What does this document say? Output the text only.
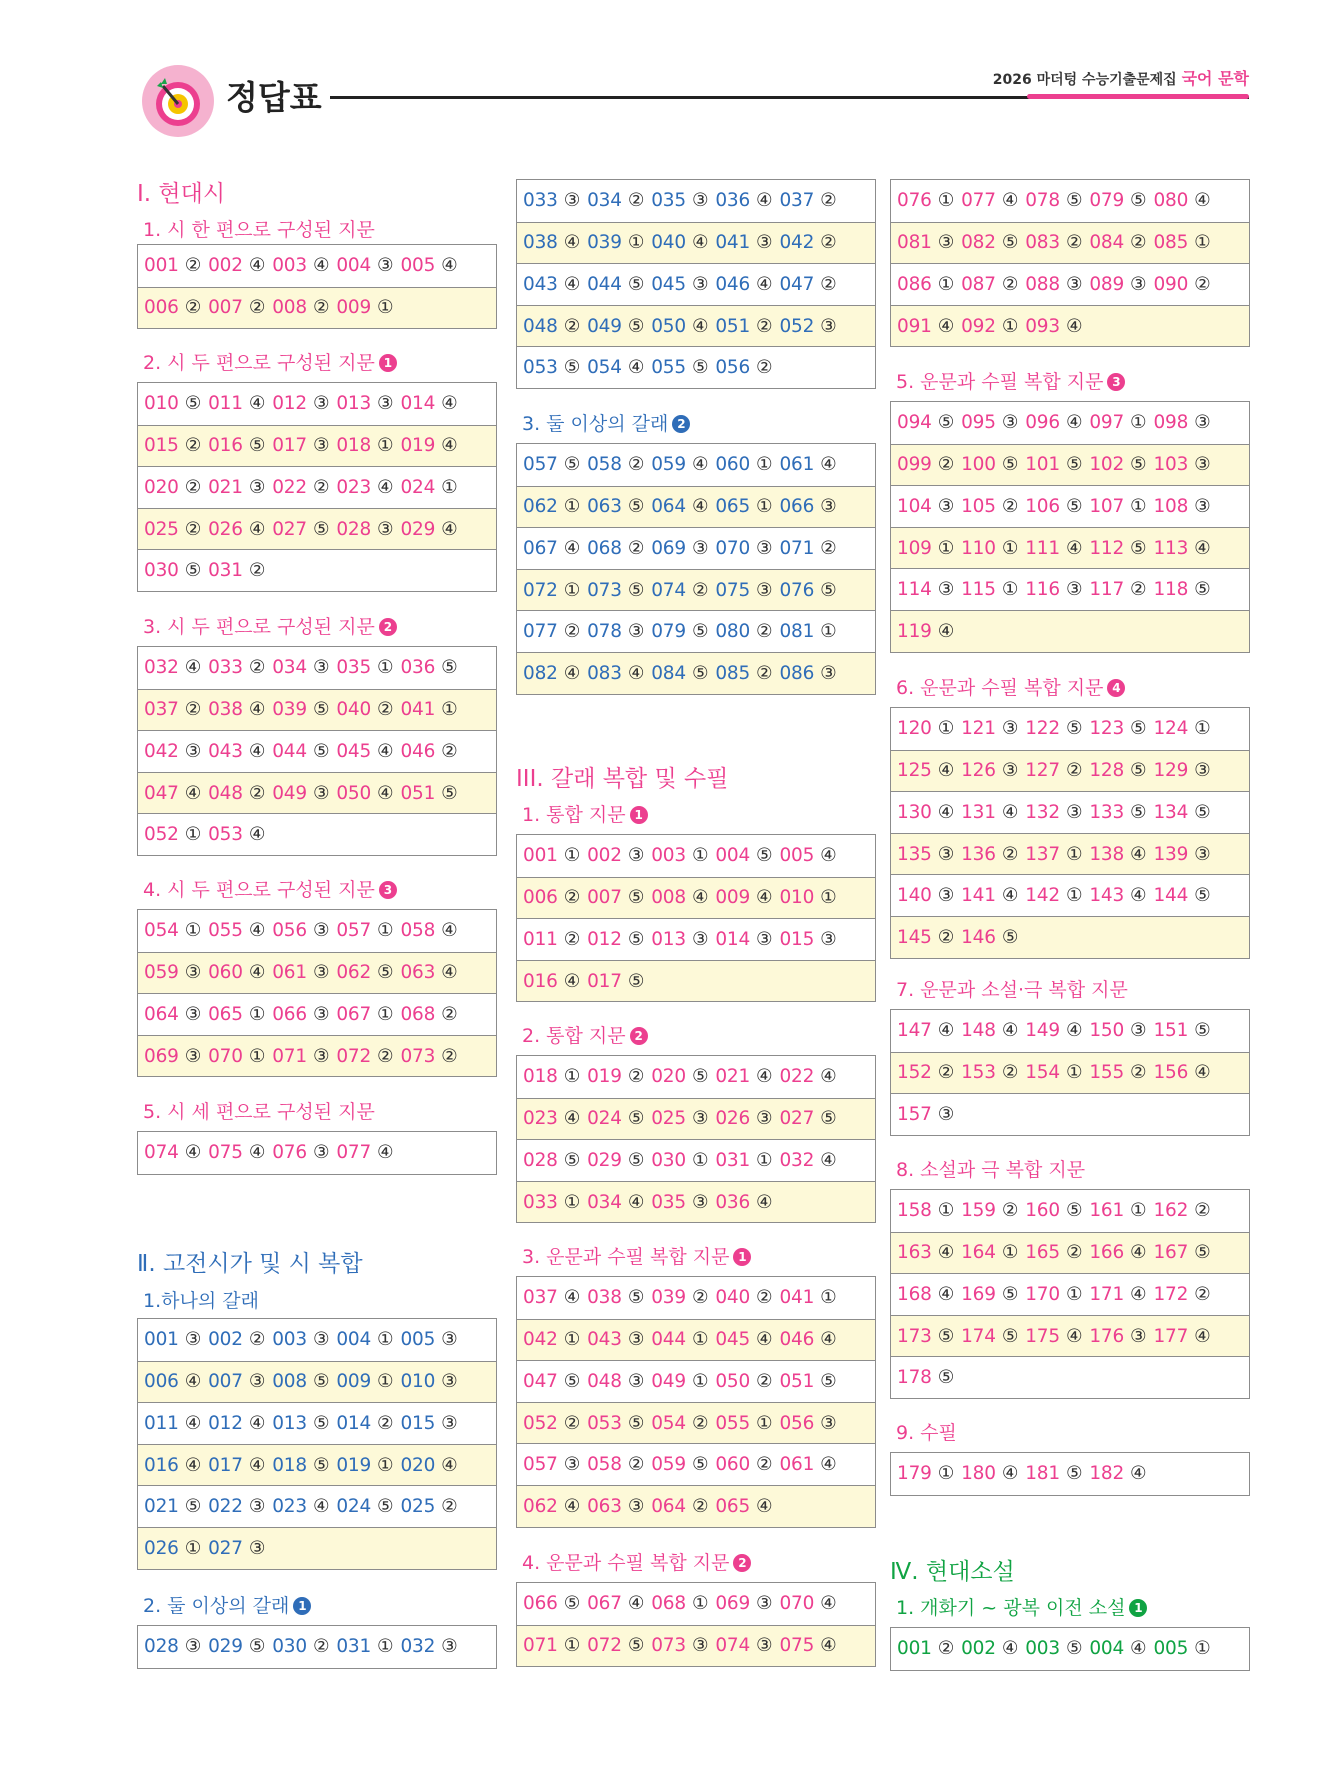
정답표	2026 마더텅 수능기출문제집 국어 문학
Ⅰ. 현대시
Ⅱ. 고전시가 및 시 복합
III. 갈래 복합 및 수필
Ⅳ. 현대소설
1. 시 한 편으로 구성된 지문
001 ② 002 ④ 003 ④ 004 ③ 005 ④
006 ② 007 ② 008 ② 009 ①
2. 시 두 편으로 구성된 지문 1
010 ⑤ 011 ④ 012 ③ 013 ③ 014 ④
015 ② 016 ⑤ 017 ③ 018 ① 019 ④
020 ② 021 ③ 022 ② 023 ④ 024 ①
025 ② 026 ④ 027 ⑤ 028 ③ 029 ④
030 ⑤ 031 ②
3. 시 두 편으로 구성된 지문 2
032 ④ 033 ② 034 ③ 035 ① 036 ⑤
037 ② 038 ④ 039 ⑤ 040 ② 041 ①
042 ③ 043 ④ 044 ⑤ 045 ④ 046 ②
047 ④ 048 ② 049 ③ 050 ④ 051 ⑤
052 ① 053 ④
4. 시 두 편으로 구성된 지문 3
054 ① 055 ④ 056 ③ 057 ① 058 ④
059 ③ 060 ④ 061 ③ 062 ⑤ 063 ④
064 ③ 065 ① 066 ③ 067 ① 068 ②
069 ③ 070 ① 071 ③ 072 ② 073 ②
5. 시 세 편으로 구성된 지문
074 ④ 075 ④ 076 ③ 077 ④
1.하나의 갈래
001 ③ 002 ② 003 ③ 004 ① 005 ③
006 ④ 007 ③ 008 ⑤ 009 ① 010 ③
011 ④ 012 ④ 013 ⑤ 014 ② 015 ③
016 ④ 017 ④ 018 ⑤ 019 ① 020 ④
021 ⑤ 022 ③ 023 ④ 024 ⑤ 025 ②
026 ① 027 ③
2. 둘 이상의 갈래 1
028 ③ 029 ⑤ 030 ② 031 ① 032 ③
033 ③ 034 ② 035 ③ 036 ④ 037 ②
038 ④ 039 ① 040 ④ 041 ③ 042 ②
043 ④ 044 ⑤ 045 ③ 046 ④ 047 ②
048 ② 049 ⑤ 050 ④ 051 ② 052 ③
053 ⑤ 054 ④ 055 ⑤ 056 ②
3. 둘 이상의 갈래 2
057 ⑤ 058 ② 059 ④ 060 ① 061 ④
062 ① 063 ⑤ 064 ④ 065 ① 066 ③
067 ④ 068 ② 069 ③ 070 ③ 071 ②
072 ① 073 ⑤ 074 ② 075 ③ 076 ⑤
077 ② 078 ③ 079 ⑤ 080 ② 081 ①
082 ④ 083 ④ 084 ⑤ 085 ② 086 ③
1. 통합 지문 1
001 ① 002 ③ 003 ① 004 ⑤ 005 ④
006 ② 007 ⑤ 008 ④ 009 ④ 010 ①
011 ② 012 ⑤ 013 ③ 014 ③ 015 ③
016 ④ 017 ⑤
2. 통합 지문 2
018 ① 019 ② 020 ⑤ 021 ④ 022 ④
023 ④ 024 ⑤ 025 ③ 026 ③ 027 ⑤
028 ⑤ 029 ⑤ 030 ① 031 ① 032 ④
033 ① 034 ④ 035 ③ 036 ④
3. 운문과 수필 복합 지문 1
037 ④ 038 ⑤ 039 ② 040 ② 041 ①
042 ① 043 ③ 044 ① 045 ④ 046 ④
047 ⑤ 048 ③ 049 ① 050 ② 051 ⑤
052 ② 053 ⑤ 054 ② 055 ① 056 ③
057 ③ 058 ② 059 ⑤ 060 ② 061 ④
062 ④ 063 ③ 064 ② 065 ④
4. 운문과 수필 복합 지문 2
066 ⑤ 067 ④ 068 ① 069 ③ 070 ④
071 ① 072 ⑤ 073 ③ 074 ③ 075 ④
076 ① 077 ④ 078 ⑤ 079 ⑤ 080 ④
081 ③ 082 ⑤ 083 ② 084 ② 085 ①
086 ① 087 ② 088 ③ 089 ③ 090 ②
091 ④ 092 ① 093 ④
5. 운문과 수필 복합 지문 3
094 ⑤ 095 ③ 096 ④ 097 ① 098 ③
099 ② 100 ⑤ 101 ⑤ 102 ⑤ 103 ③
104 ③ 105 ② 106 ⑤ 107 ① 108 ③
109 ① 110 ① 111 ④ 112 ⑤ 113 ④
114 ③ 115 ① 116 ③ 117 ② 118 ⑤
119 ④
6. 운문과 수필 복합 지문 4
120 ① 121 ③ 122 ⑤ 123 ⑤ 124 ①
125 ④ 126 ③ 127 ② 128 ⑤ 129 ③
130 ④ 131 ④ 132 ③ 133 ⑤ 134 ⑤
135 ③ 136 ② 137 ① 138 ④ 139 ③
140 ③ 141 ④ 142 ① 143 ④ 144 ⑤
145 ② 146 ⑤
7. 운문과 소설·극 복합 지문
147 ④ 148 ④ 149 ④ 150 ③ 151 ⑤
152 ② 153 ② 154 ① 155 ② 156 ④
157 ③
8. 소설과 극 복합 지문
158 ① 159 ② 160 ⑤ 161 ① 162 ②
163 ④ 164 ① 165 ② 166 ④ 167 ⑤
168 ④ 169 ⑤ 170 ① 171 ④ 172 ②
173 ⑤ 174 ⑤ 175 ④ 176 ③ 177 ④
178 ⑤
9. 수필
179 ① 180 ④ 181 ⑤ 182 ④
1. 개화기 ~ 광복 이전 소설 1
001 ② 002 ④ 003 ⑤ 004 ④ 005 ①
